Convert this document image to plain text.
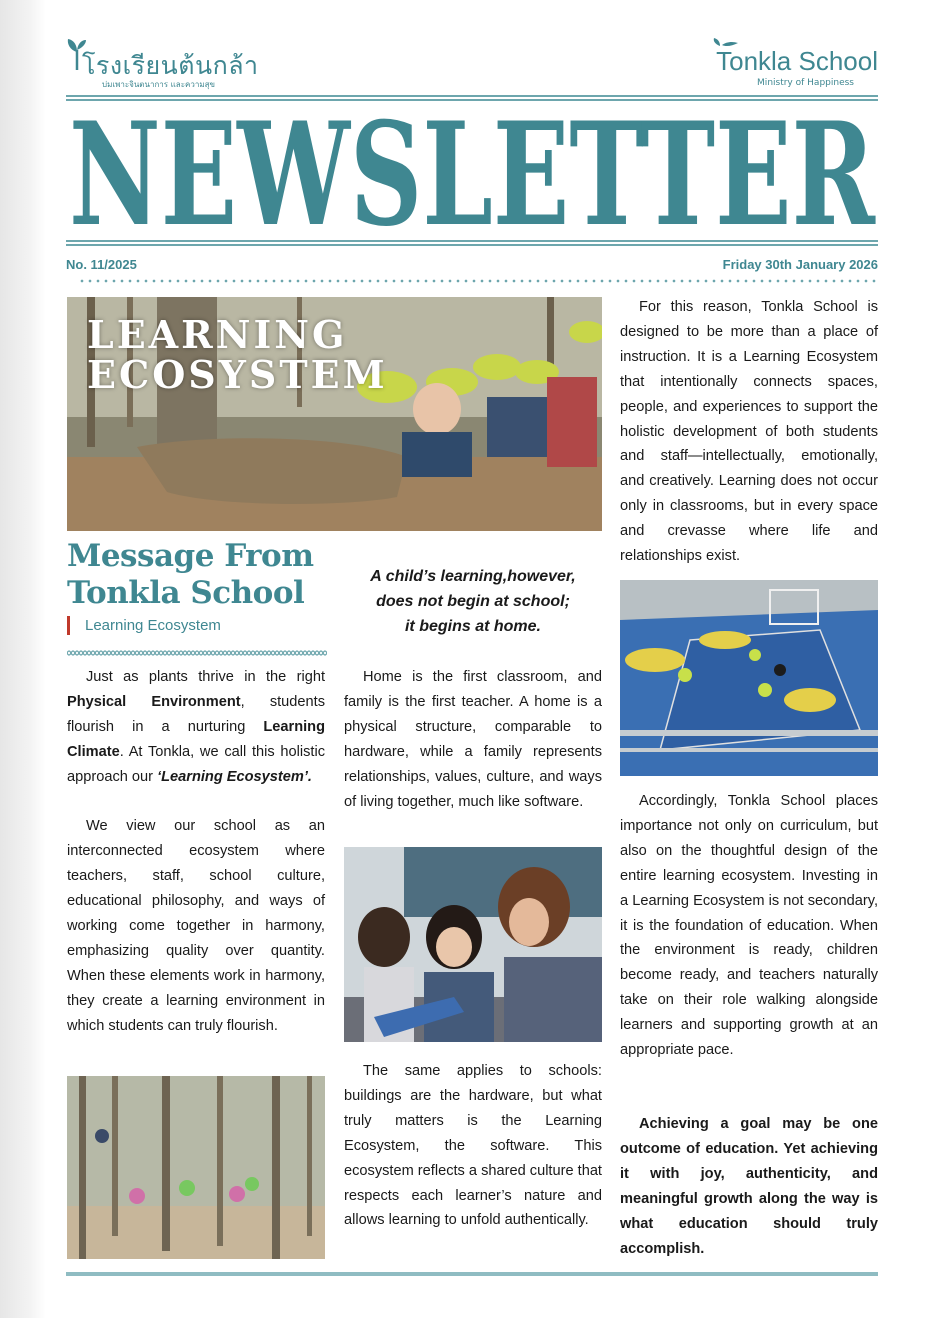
โรงเรียนต้นกล้า
บ่มเพาะจินตนาการ และความสุข
Tonkla School
Ministry of Happiness
NEWSLETTER
No. 11/2025	Friday 30th January 2026
LEARNING
ECOSYSTEM
Message From
Tonkla School
Learning Ecosystem

Just as plants thrive in the right Physical Environment, students flourish in a nurturing Learning Climate. At Tonkla, we call this holistic approach our ‘Learning Ecosystem’.

We view our school as an interconnected ecosystem where teachers, staff, school culture, educational philosophy, and ways of working come together in harmony, emphasizing quality over quantity. When these elements work in harmony, they create a learning environment in which students can truly flourish.

A child’s learning,however,
does not begin at school;
it begins at home.

Home is the first classroom, and family is the first teacher. A home is a physical structure, comparable to hardware, while a family represents relationships, values, culture, and ways of living together, much like software.

The same applies to schools: buildings are the hardware, but what truly matters is the Learning Ecosystem, the software. This ecosystem reflects a shared culture that respects each learner’s nature and allows learning to unfold authentically.

For this reason, Tonkla School is designed to be more than a place of instruction. It is a Learning Ecosystem that intentionally connects spaces, people, and experiences to support the holistic development of both students and staff—intellectually, emotionally, and creatively. Learning does not occur only in classrooms, but in every space and crevasse where life and relationships exist.

Accordingly, Tonkla School places importance not only on curriculum, but also on the thoughtful design of the entire learning ecosystem. Investing in a Learning Ecosystem is not secondary, it is the foundation of education. When the environment is ready, children become ready, and teachers naturally take on their role walking alongside learners and supporting growth at an appropriate pace.

Achieving a goal may be one outcome of education. Yet achieving it with joy, authenticity, and meaningful growth along the way is what education should truly accomplish.
